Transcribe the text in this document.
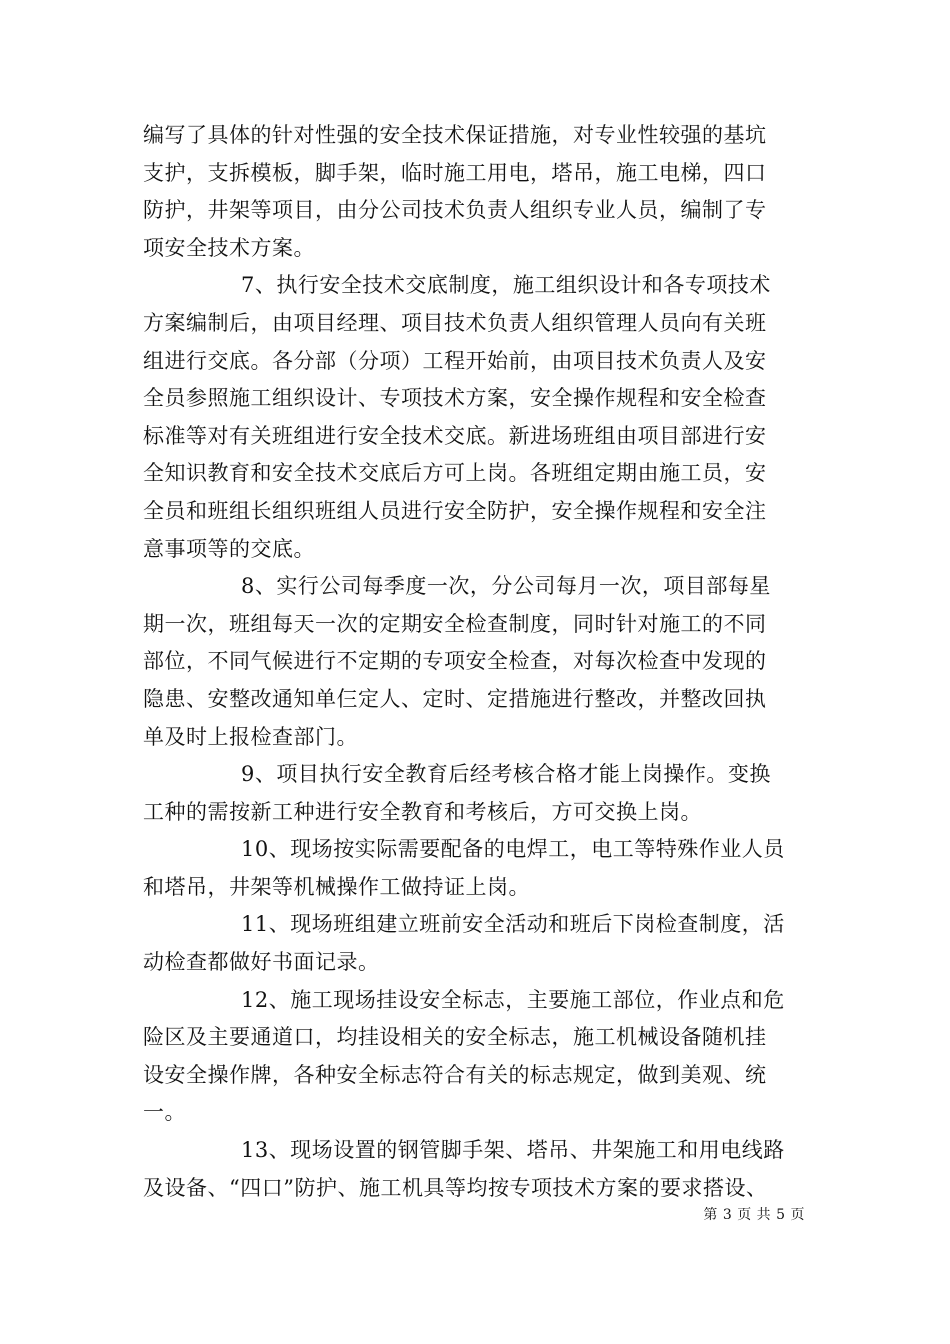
编写了具体的针对性强的安全技术保证措施，对专业性较强的基坑
支护，支拆模板，脚手架，临时施工用电，塔吊，施工电梯，四口
防护，井架等项目，由分公司技术负责人组织专业人员，编制了专
项安全技术方案。
7、执行安全技术交底制度，施工组织设计和各专项技术
方案编制后，由项目经理、项目技术负责人组织管理人员向有关班
组进行交底。各分部（分项）工程开始前，由项目技术负责人及安
全员参照施工组织设计、专项技术方案，安全操作规程和安全检查
标准等对有关班组进行安全技术交底。新进场班组由项目部进行安
全知识教育和安全技术交底后方可上岗。各班组定期由施工员，安
全员和班组长组织班组人员进行安全防护，安全操作规程和安全注
意事项等的交底。
8、实行公司每季度一次，分公司每月一次，项目部每星
期一次，班组每天一次的定期安全检查制度，同时针对施工的不同
部位，不同气候进行不定期的专项安全检查，对每次检查中发现的
隐患、安整改通知单仨定人、定时、定措施进行整改，并整改回执
单及时上报检查部门。
9、项目执行安全教育后经考核合格才能上岗操作。变换
工种的需按新工种进行安全教育和考核后，方可交换上岗。
10、现场按实际需要配备的电焊工，电工等特殊作业人员
和塔吊，井架等机械操作工做持证上岗。
11、现场班组建立班前安全活动和班后下岗检查制度，活
动检查都做好书面记录。
12、施工现场挂设安全标志，主要施工部位，作业点和危
险区及主要通道口，均挂设相关的安全标志，施工机械设备随机挂
设安全操作牌，各种安全标志符合有关的标志规定，做到美观、统
一。
13、现场设置的钢管脚手架、塔吊、井架施工和用电线路
及设备、“四口”防护、施工机具等均按专项技术方案的要求搭设、
第 3 页 共 5 页
